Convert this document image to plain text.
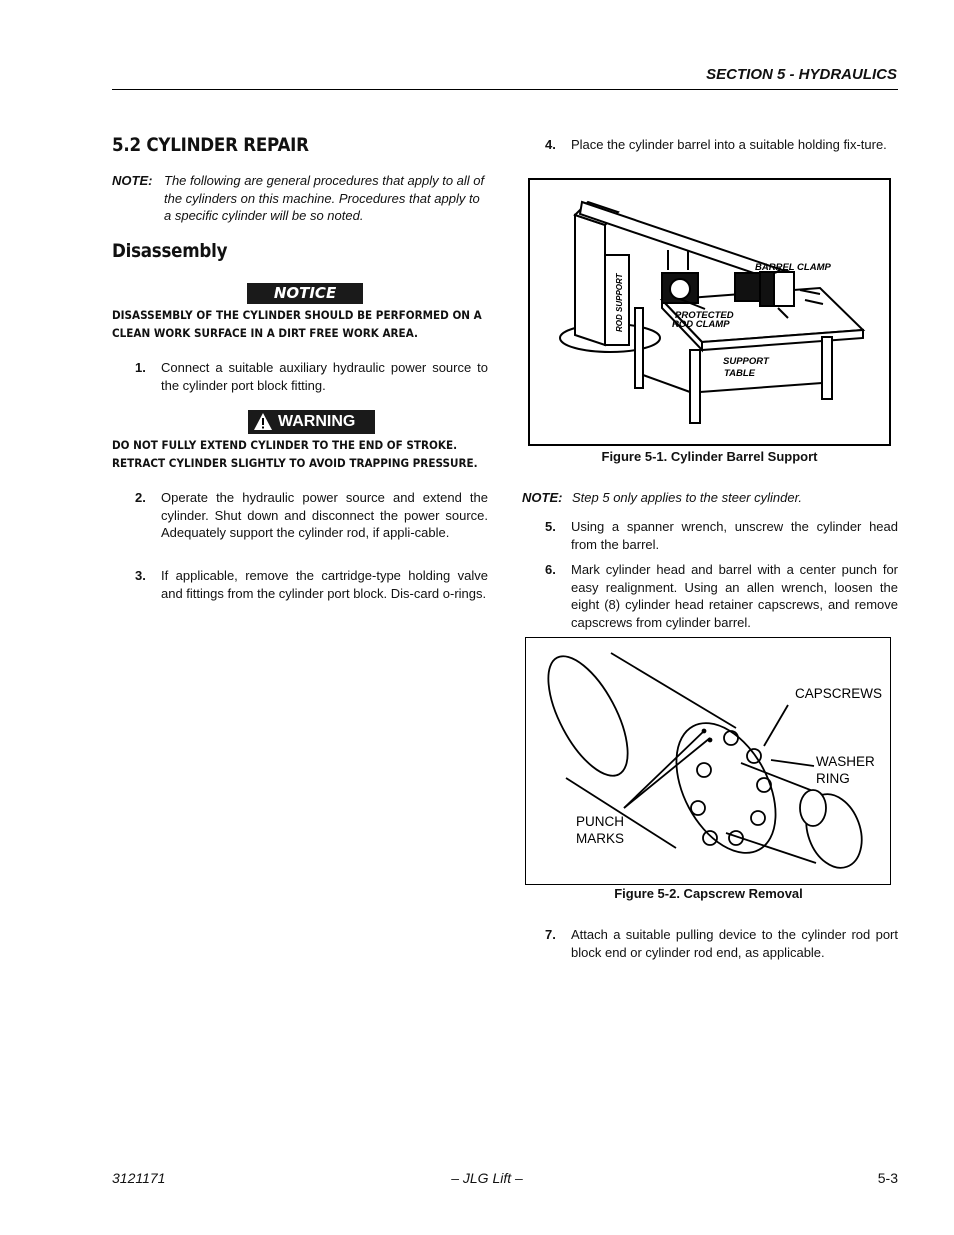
SECTION 5 - HYDRAULICS
5.2 CYLINDER REPAIR
NOTE: The following are general procedures that apply to all of the cylinders on this machine. Procedures that apply to a specific cylinder will be so noted.
Disassembly
NOTICE
DISASSEMBLY OF THE CYLINDER SHOULD BE PERFORMED ON A CLEAN WORK SURFACE IN A DIRT FREE WORK AREA.
1. Connect a suitable auxiliary hydraulic power source to the cylinder port block fitting.
WARNING
DO NOT FULLY EXTEND CYLINDER TO THE END OF STROKE. RETRACT CYLINDER SLIGHTLY TO AVOID TRAPPING PRESSURE.
2. Operate the hydraulic power source and extend the cylinder. Shut down and disconnect the power source. Adequately support the cylinder rod, if appli-cable.
3. If applicable, remove the cartridge-type holding valve and fittings from the cylinder port block. Dis-card o-rings.
4. Place the cylinder barrel into a suitable holding fix-ture.
BARREL CLAMP
PROTECTED
ROD CLAMP
SUPPORT
TABLE
ROD SUPPORT
Figure 5-1. Cylinder Barrel Support
NOTE: Step 5 only applies to the steer cylinder.
5. Using a spanner wrench, unscrew the cylinder head from the barrel.
6. Mark cylinder head and barrel with a center punch for easy realignment. Using an allen wrench, loosen the eight (8) cylinder head retainer capscrews, and remove capscrews from cylinder barrel.
CAPSCREWS
WASHER
RING
PUNCH
MARKS
Figure 5-2. Capscrew Removal
7. Attach a suitable pulling device to the cylinder rod port block end or cylinder rod end, as applicable.
3121171	– JLG Lift –	5-3
